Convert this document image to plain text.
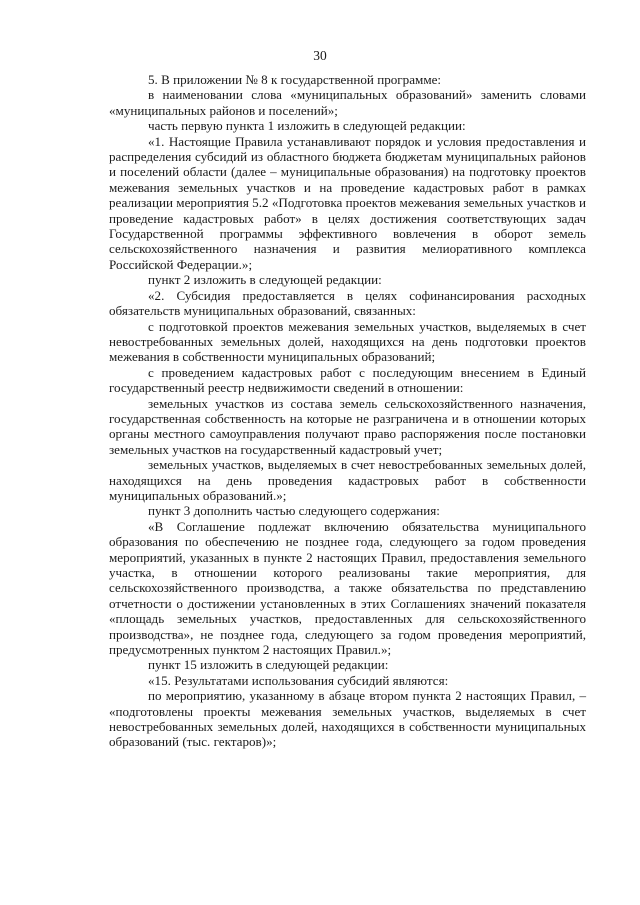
30

5. В приложении № 8 к государственной программе:

в наименовании слова «муниципальных образований» заменить словами «муниципальных районов и поселений»;

часть первую пункта 1 изложить в следующей редакции:

«1. Настоящие Правила устанавливают порядок и условия предоставления и распределения субсидий из областного бюджета бюджетам муниципальных районов и поселений области (далее – муниципальные образования) на подготовку проектов межевания земельных участков и на проведение кадастровых работ в рамках реализации мероприятия 5.2 «Подготовка проектов межевания земельных участков и проведение кадастровых работ» в целях достижения соответствующих задач Государственной программы эффективного вовлечения в оборот земель сельскохозяйственного назначения и развития мелиоративного комплекса Российской Федерации.»;

пункт 2 изложить в следующей редакции:

«2. Субсидия предоставляется в целях софинансирования расходных обязательств муниципальных образований, связанных:

с подготовкой проектов межевания земельных участков, выделяемых в счет невостребованных земельных долей, находящихся на день подготовки проектов межевания в собственности муниципальных образований;

с проведением кадастровых работ с последующим внесением в Единый государственный реестр недвижимости сведений в отношении:

земельных участков из состава земель сельскохозяйственного назначения, государственная собственность на которые не разграничена и в отношении которых органы местного самоуправления получают право распоряжения после постановки земельных участков на государственный кадастровый учет;

земельных участков, выделяемых в счет невостребованных земельных долей, находящихся на день проведения кадастровых работ в собственности муниципальных образований.»;

пункт 3 дополнить частью следующего содержания:

«В Соглашение подлежат включению обязательства муниципального образования по обеспечению не позднее года, следующего за годом проведения мероприятий, указанных в пункте 2 настоящих Правил, предоставления земельного участка, в отношении которого реализованы такие мероприятия, для сельскохозяйственного производства, а также обязательства по представлению отчетности о достижении установленных в этих Соглашениях значений показателя «площадь земельных участков, предоставленных для сельскохозяйственного производства», не позднее года, следующего за годом проведения мероприятий, предусмотренных пунктом 2 настоящих Правил.»;

пункт 15 изложить в следующей редакции:

«15. Результатами использования субсидий являются:

по мероприятию, указанному в абзаце втором пункта 2 настоящих Правил, – «подготовлены проекты межевания земельных участков, выделяемых в счет невостребованных земельных долей, находящихся в собственности муниципальных образований (тыс. гектаров)»;
